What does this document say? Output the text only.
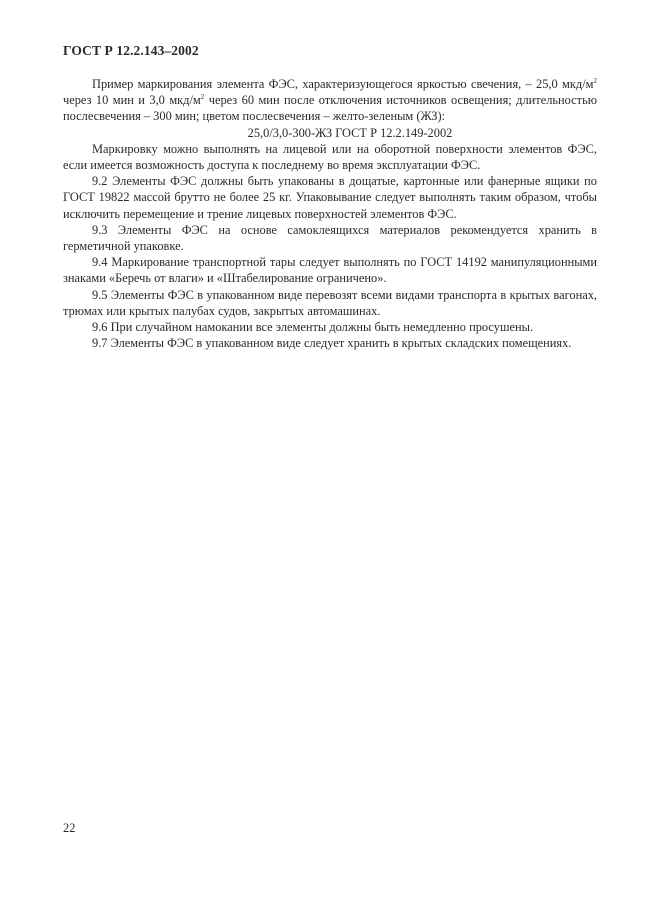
ГОСТ Р 12.2.143–2002

Пример маркирования элемента ФЭС, характеризующегося яркостью свечения, – 25,0 мкд/$м^2$ через 10 мин и 3,0 мкд/$м^2$ через 60 мин после отключения источников освещения; длительностью послесвечения – 300 мин; цветом послесвечения – желто-зеленым (ЖЗ):

25,0/3,0-300-ЖЗ ГОСТ Р 12.2.149-2002

Маркировку можно выполнять на лицевой или на оборотной поверхности элементов ФЭС, если имеется возможность доступа к последнему во время эксплуатации ФЭС.

9.2 Элементы ФЭС должны быть упакованы в дощатые, картонные или фанерные ящики по ГОСТ 19822 массой брутто не более 25 кг. Упаковывание следует выполнять таким образом, чтобы исключить перемещение и трение лицевых поверхностей элементов ФЭС.

9.3 Элементы ФЭС на основе самоклеящихся материалов рекомендуется хранить в герметичной упаковке.

9.4 Маркирование транспортной тары следует выполнять по ГОСТ 14192 манипуляционными знаками «Беречь от влаги» и «Штабелирование ограничено».

9.5 Элементы ФЭС в упакованном виде перевозят всеми видами транспорта в крытых вагонах, трюмах или крытых палубах судов, закрытых автомашинах.

9.6 При случайном намокании все элементы должны быть немедленно просушены.

9.7 Элементы ФЭС в упакованном виде следует хранить в крытых складских помещениях.

22
